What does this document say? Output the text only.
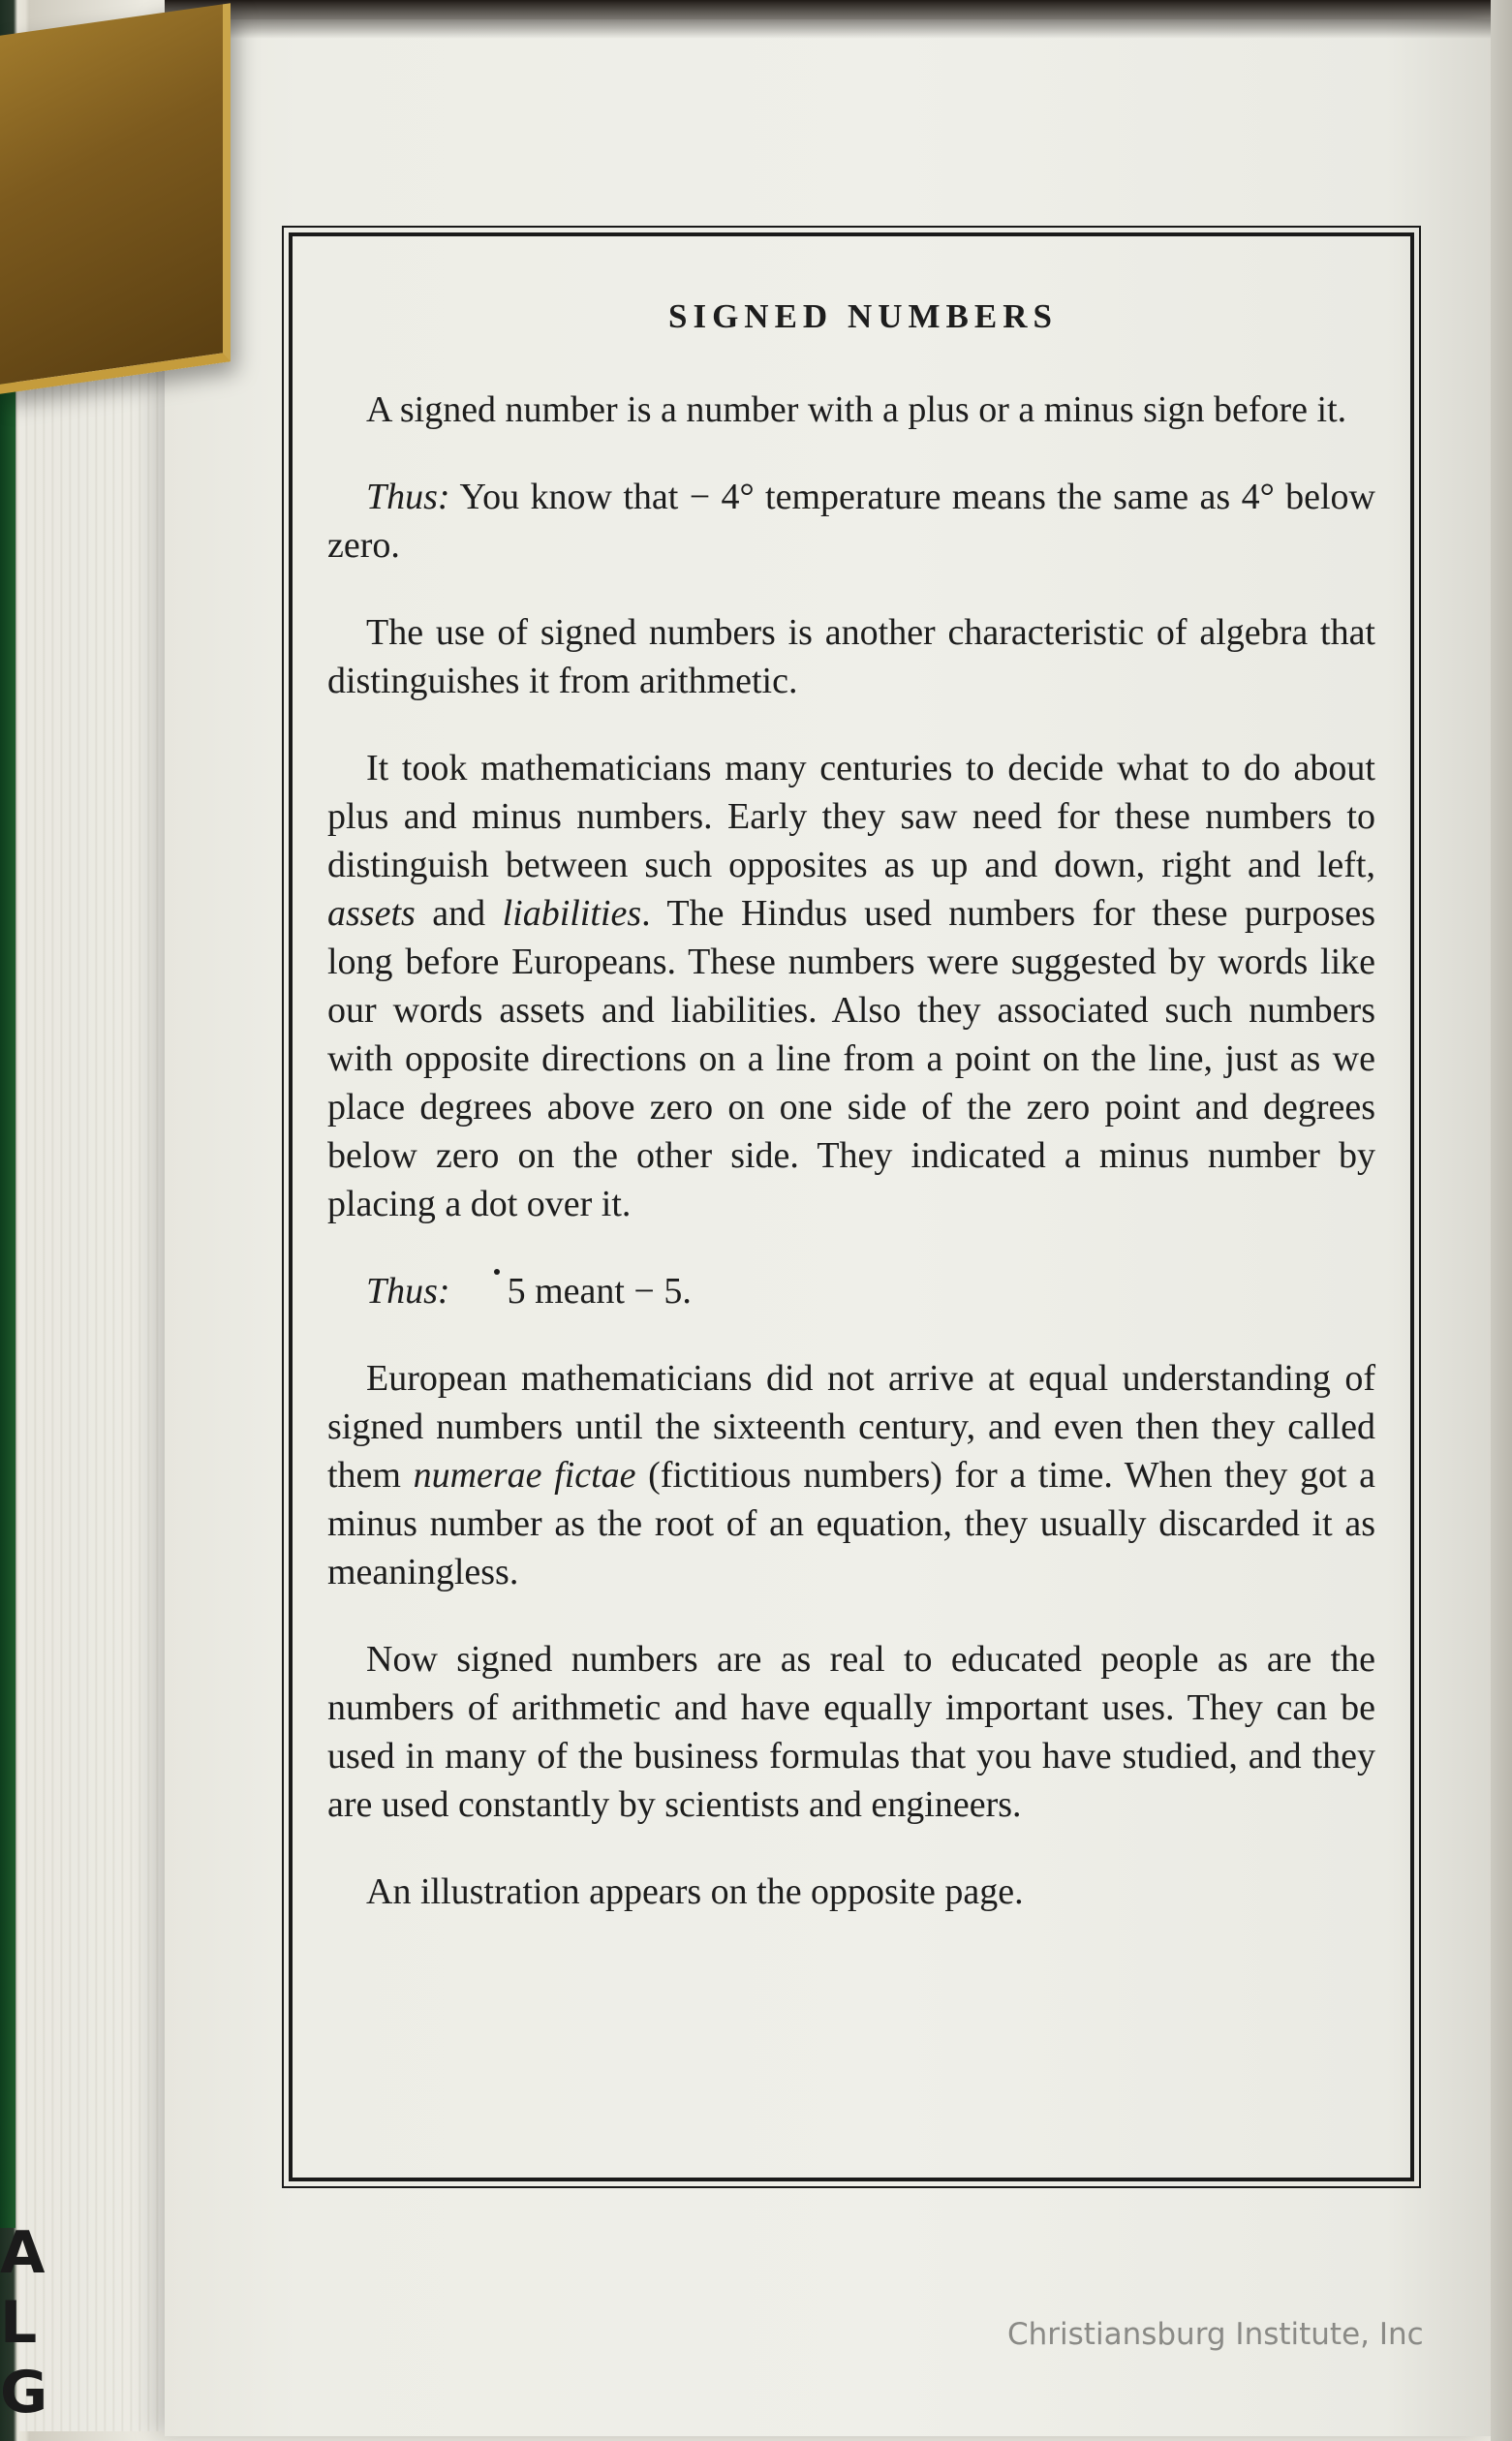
A
L
G
SIGNED NUMBERS

A signed number is a number with a plus or a minus sign before it.

Thus: You know that − 4° temperature means the same as 4° below zero.

The use of signed numbers is another characteristic of algebra that distinguishes it from arithmetic.

It took mathematicians many centuries to decide what to do about plus and minus numbers. Early they saw need for these numbers to distinguish between such opposites as up and down, right and left, assets and liabilities. The Hindus used numbers for these purposes long before Europeans. These numbers were suggested by words like our words assets and liabilities. Also they associated such numbers with opposite directions on a line from a point on the line, just as we place degrees above zero on one side of the zero point and degrees below zero on the other side. They indicated a minus number by placing a dot over it.

Thus: 5 meant − 5.

European mathematicians did not arrive at equal understanding of signed numbers until the sixteenth century, and even then they called them numerae fictae (fictitious numbers) for a time. When they got a minus number as the root of an equation, they usually discarded it as meaningless.

Now signed numbers are as real to educated people as are the numbers of arithmetic and have equally important uses. They can be used in many of the business formulas that you have studied, and they are used constantly by scientists and engineers.

An illustration appears on the opposite page.

Christiansburg Institute, Inc
